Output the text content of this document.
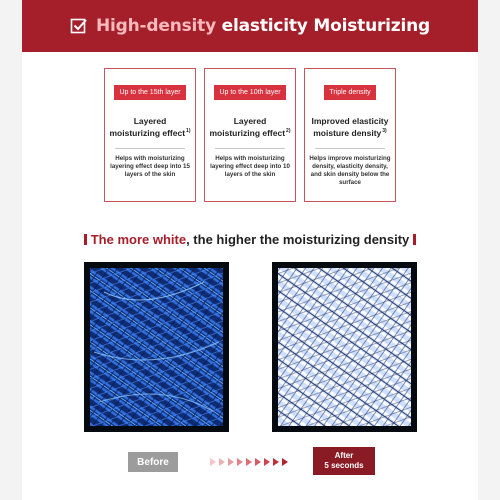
High-density elasticity Moisturizing
Up to the 15th layer
Layered moisturizing effect$^{1)}$
Helps with moisturizing layering effect deep into 15 layers of the skin
Up to the 10th layer
Layered moisturizing effect$^{2)}$
Helps with moisturizing layering effect deep into 10 layers of the skin
Triple density
Improved elasticity moisture density$^{3)}$
Helps improve moisturizing density, elasticity density, and skin density below the surface
The more white, the higher the moisturizing density
Before
After
5 seconds
